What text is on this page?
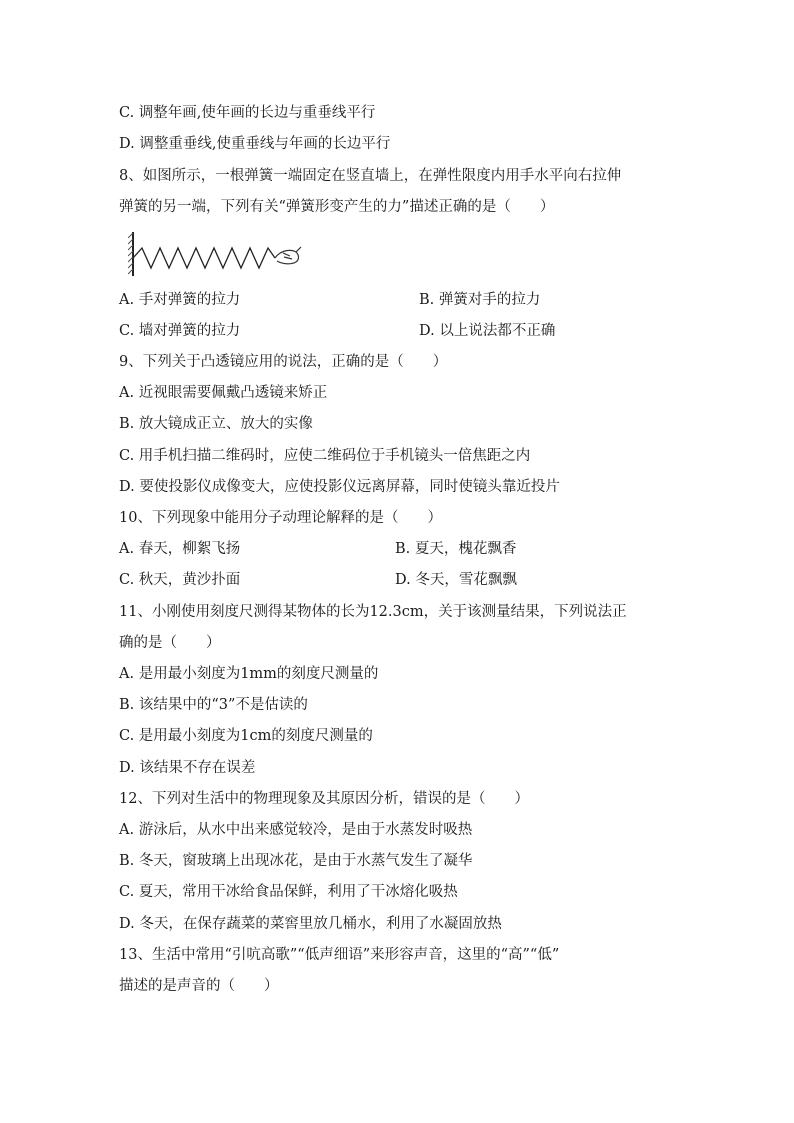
C. 调整年画,使年画的长边与重垂线平行
D. 调整重垂线,使重垂线与年画的长边平行
8、如图所示，一根弹簧一端固定在竖直墙上，在弹性限度内用手水平向右拉伸
弹簧的另一端，下列有关“弹簧形变产生的力”描述正确的是（　　）
A. 手对弹簧的拉力	B. 弹簧对手的拉力
C. 墙对弹簧的拉力	D. 以上说法都不正确
9、下列关于凸透镜应用的说法，正确的是（　　）
A. 近视眼需要佩戴凸透镜来矫正
B. 放大镜成正立、放大的实像
C. 用手机扫描二维码时，应使二维码位于手机镜头一倍焦距之内
D. 要使投影仪成像变大，应使投影仪远离屏幕，同时使镜头靠近投片
10、下列现象中能用分子动理论解释的是（　　）
A. 春天，柳絮飞扬	B. 夏天，槐花飘香
C. 秋天，黄沙扑面	D. 冬天，雪花飘飘
11、小刚使用刻度尺测得某物体的长为12.3cm，关于该测量结果，下列说法正
确的是（　　）
A. 是用最小刻度为1mm的刻度尺测量的
B. 该结果中的“3”不是估读的
C. 是用最小刻度为1cm的刻度尺测量的
D. 该结果不存在误差
12、下列对生活中的物理现象及其原因分析，错误的是（　　）
A. 游泳后，从水中出来感觉较冷，是由于水蒸发时吸热
B. 冬天，窗玻璃上出现冰花，是由于水蒸气发生了凝华
C. 夏天，常用干冰给食品保鲜，利用了干冰熔化吸热
D. 冬天，在保存蔬菜的菜窖里放几桶水，利用了水凝固放热
13、生活中常用“引吭高歌”“低声细语”来形容声音，这里的“高”“低”
描述的是声音的（　　）
